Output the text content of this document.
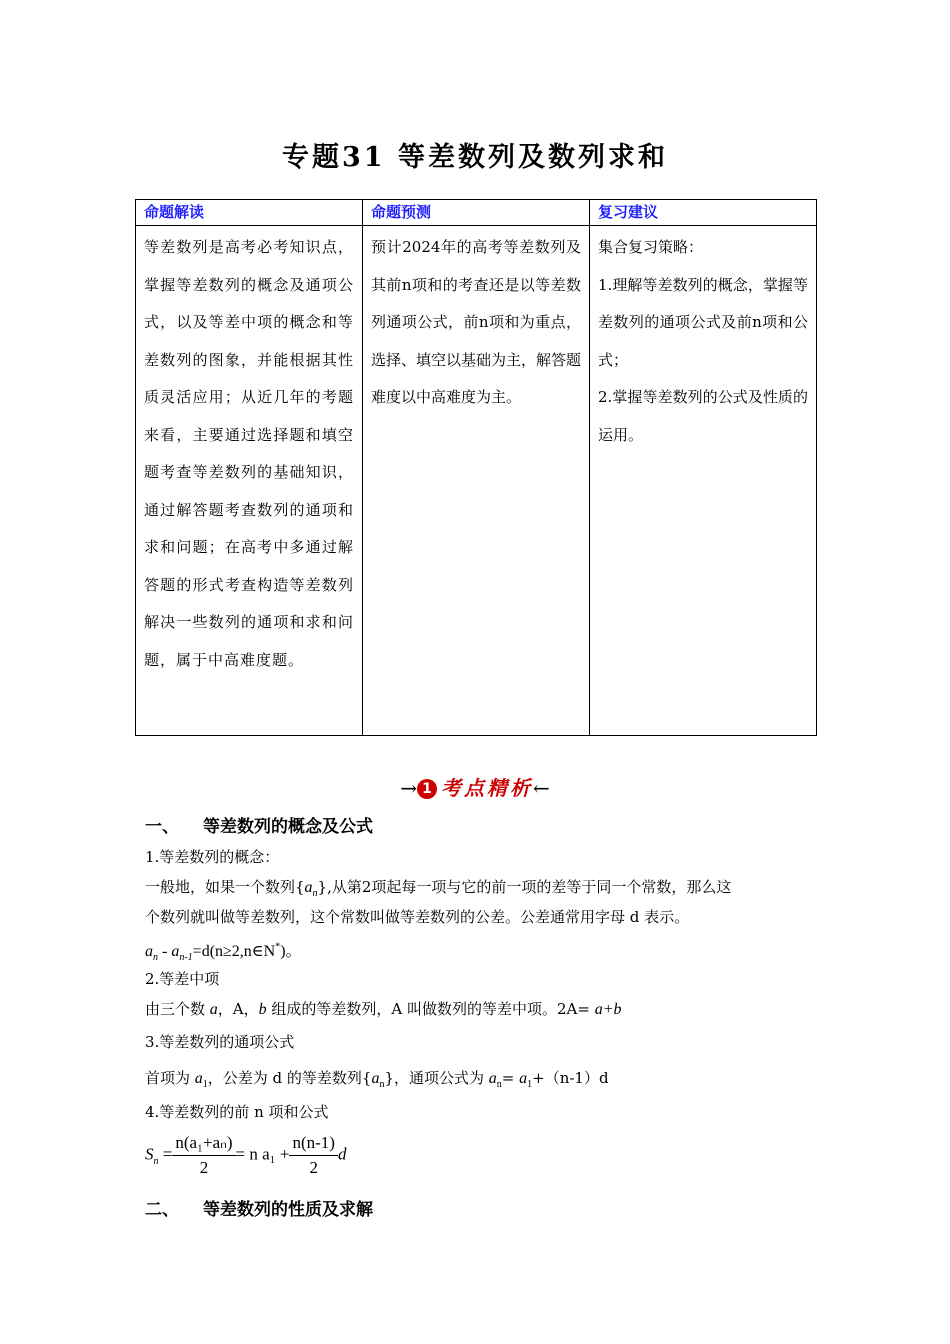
专题31 等差数列及数列求和
命题解读	命题预测	复习建议
等差数列是高考必考知识点，掌握等差数列的概念及通项公式，以及等差中项的概念和等差数列的图象，并能根据其性质灵活应用；从近几年的考题来看，主要通过选择题和填空题考查等差数列的基础知识，通过解答题考查数列的通项和求和问题；在高考中多通过解答题的形式考查构造等差数列解决一些数列的通项和求和问题，属于中高难度题。	预计2024年的高考等差数列及其前n项和的考查还是以等差数列通项公式，前n项和为重点，选择、填空以基础为主，解答题难度以中高难度为主。	集合复习策略：
1.理解等差数列的概念，掌握等差数列的通项公式及前n项和公式；
2.掌握等差数列的公式及性质的运用。
→ 1 考点精析←
一、 等差数列的概念及公式
1.等差数列的概念：
一般地，如果一个数列$\{a_n\}$,从第2项起每一项与它的前一项的差等于同一个常数，那么这
个数列就叫做等差数列，这个常数叫做等差数列的公差。公差通常用字母 d 表示。
$a_n$ - $a_{n-1}=d(n\ge 2,n\in N^*)$。
2.等差中项
由三个数 a，A，b 组成的等差数列，A 叫做数列的等差中项。2A= a+b
3.等差数列的通项公式
首项为 $a_1$，公差为 d 的等差数列$\{a_n\}$，通项公式为 $a_n= a_1+(n-1)d$
4.等差数列的前 n 项和公式
$S_n = \frac{\text{n(a₁+aₙ)}}{2} = n$ $a_1 + \frac{n(n-1)}{2}$ d
二、 等差数列的性质及求解
